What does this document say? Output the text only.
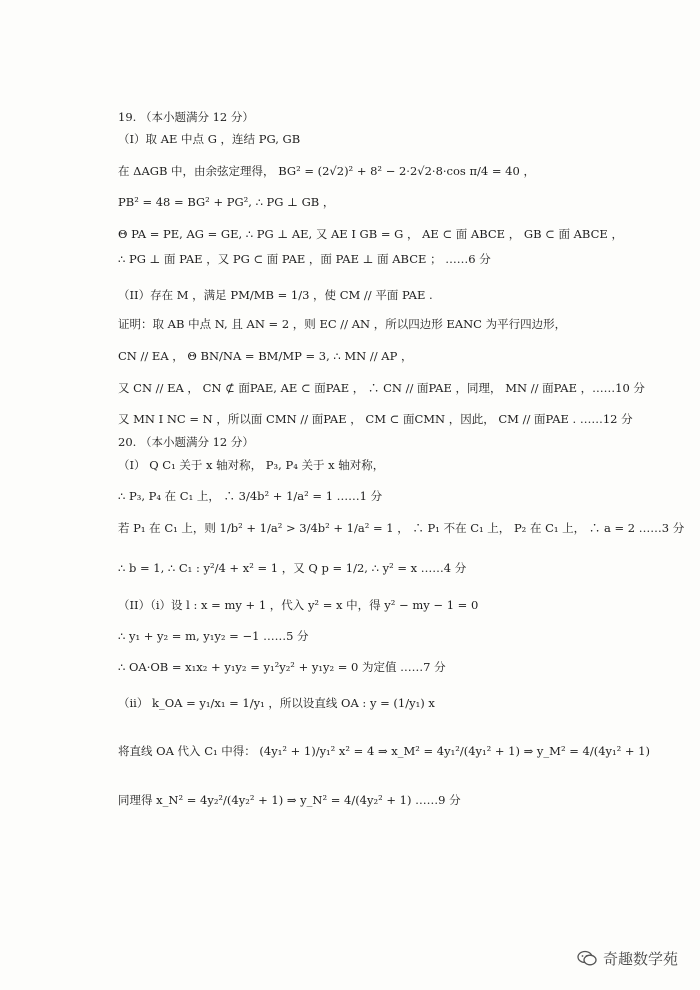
19. （本小题满分 12 分）
（I）取 AE 中点 G ，连结 PG, GB
在 ΔAGB 中，由余弦定理得， BG² = (2√2)² + 8² − 2·2√2·8·cos π/4 = 40 ，
PB² = 48 = BG² + PG², ∴ PG ⊥ GB ，
Θ PA = PE, AG = GE, ∴ PG ⊥ AE, 又 AE I GB = G ， AE ⊂ 面 ABCE ， GB ⊂ 面 ABCE ，
∴ PG ⊥ 面 PAE ，又 PG ⊂ 面 PAE ，面 PAE ⊥ 面 ABCE ； ……6 分
（II）存在 M ，满足 PM/MB = 1/3 ，使 CM // 平面 PAE .
证明：取 AB 中点 N, 且 AN = 2 ，则 EC // AN ，所以四边形 EANC 为平行四边形，
CN // EA ， Θ BN/NA = BM/MP = 3, ∴ MN // AP ，
又 CN // EA ， CN ⊄ 面PAE, AE ⊂ 面PAE ， ∴ CN // 面PAE ，同理， MN // 面PAE ，……10 分
又 MN I NC = N ，所以面 CMN // 面PAE ， CM ⊂ 面CMN ，因此， CM // 面PAE . ……12 分
20. （本小题满分 12 分）
（I） Q C₁ 关于 x 轴对称， P₃, P₄ 关于 x 轴对称，
∴ P₃, P₄ 在 C₁ 上， ∴ 3/4b² + 1/a² = 1 ……1 分
若 P₁ 在 C₁ 上，则 1/b² + 1/a² > 3/4b² + 1/a² = 1 ， ∴ P₁ 不在 C₁ 上， P₂ 在 C₁ 上， ∴ a = 2 ……3 分
∴ b = 1, ∴ C₁ : y²/4 + x² = 1 ，又 Q p = 1/2, ∴ y² = x ……4 分
（II）（i）设 l : x = my + 1 ，代入 y² = x 中，得 y² − my − 1 = 0
∴ y₁ + y₂ = m, y₁y₂ = −1 ……5 分
∴ OA·OB = x₁x₂ + y₁y₂ = y₁²y₂² + y₁y₂ = 0 为定值 ……7 分
（ii） k_OA = y₁/x₁ = 1/y₁ ，所以设直线 OA : y = (1/y₁) x
将直线 OA 代入 C₁ 中得： (4y₁² + 1)/y₁² x² = 4 ⇒ x_M² = 4y₁²/(4y₁² + 1) ⇒ y_M² = 4/(4y₁² + 1)
同理得 x_N² = 4y₂²/(4y₂² + 1) ⇒ y_N² = 4/(4y₂² + 1) ……9 分
奇趣数学苑
